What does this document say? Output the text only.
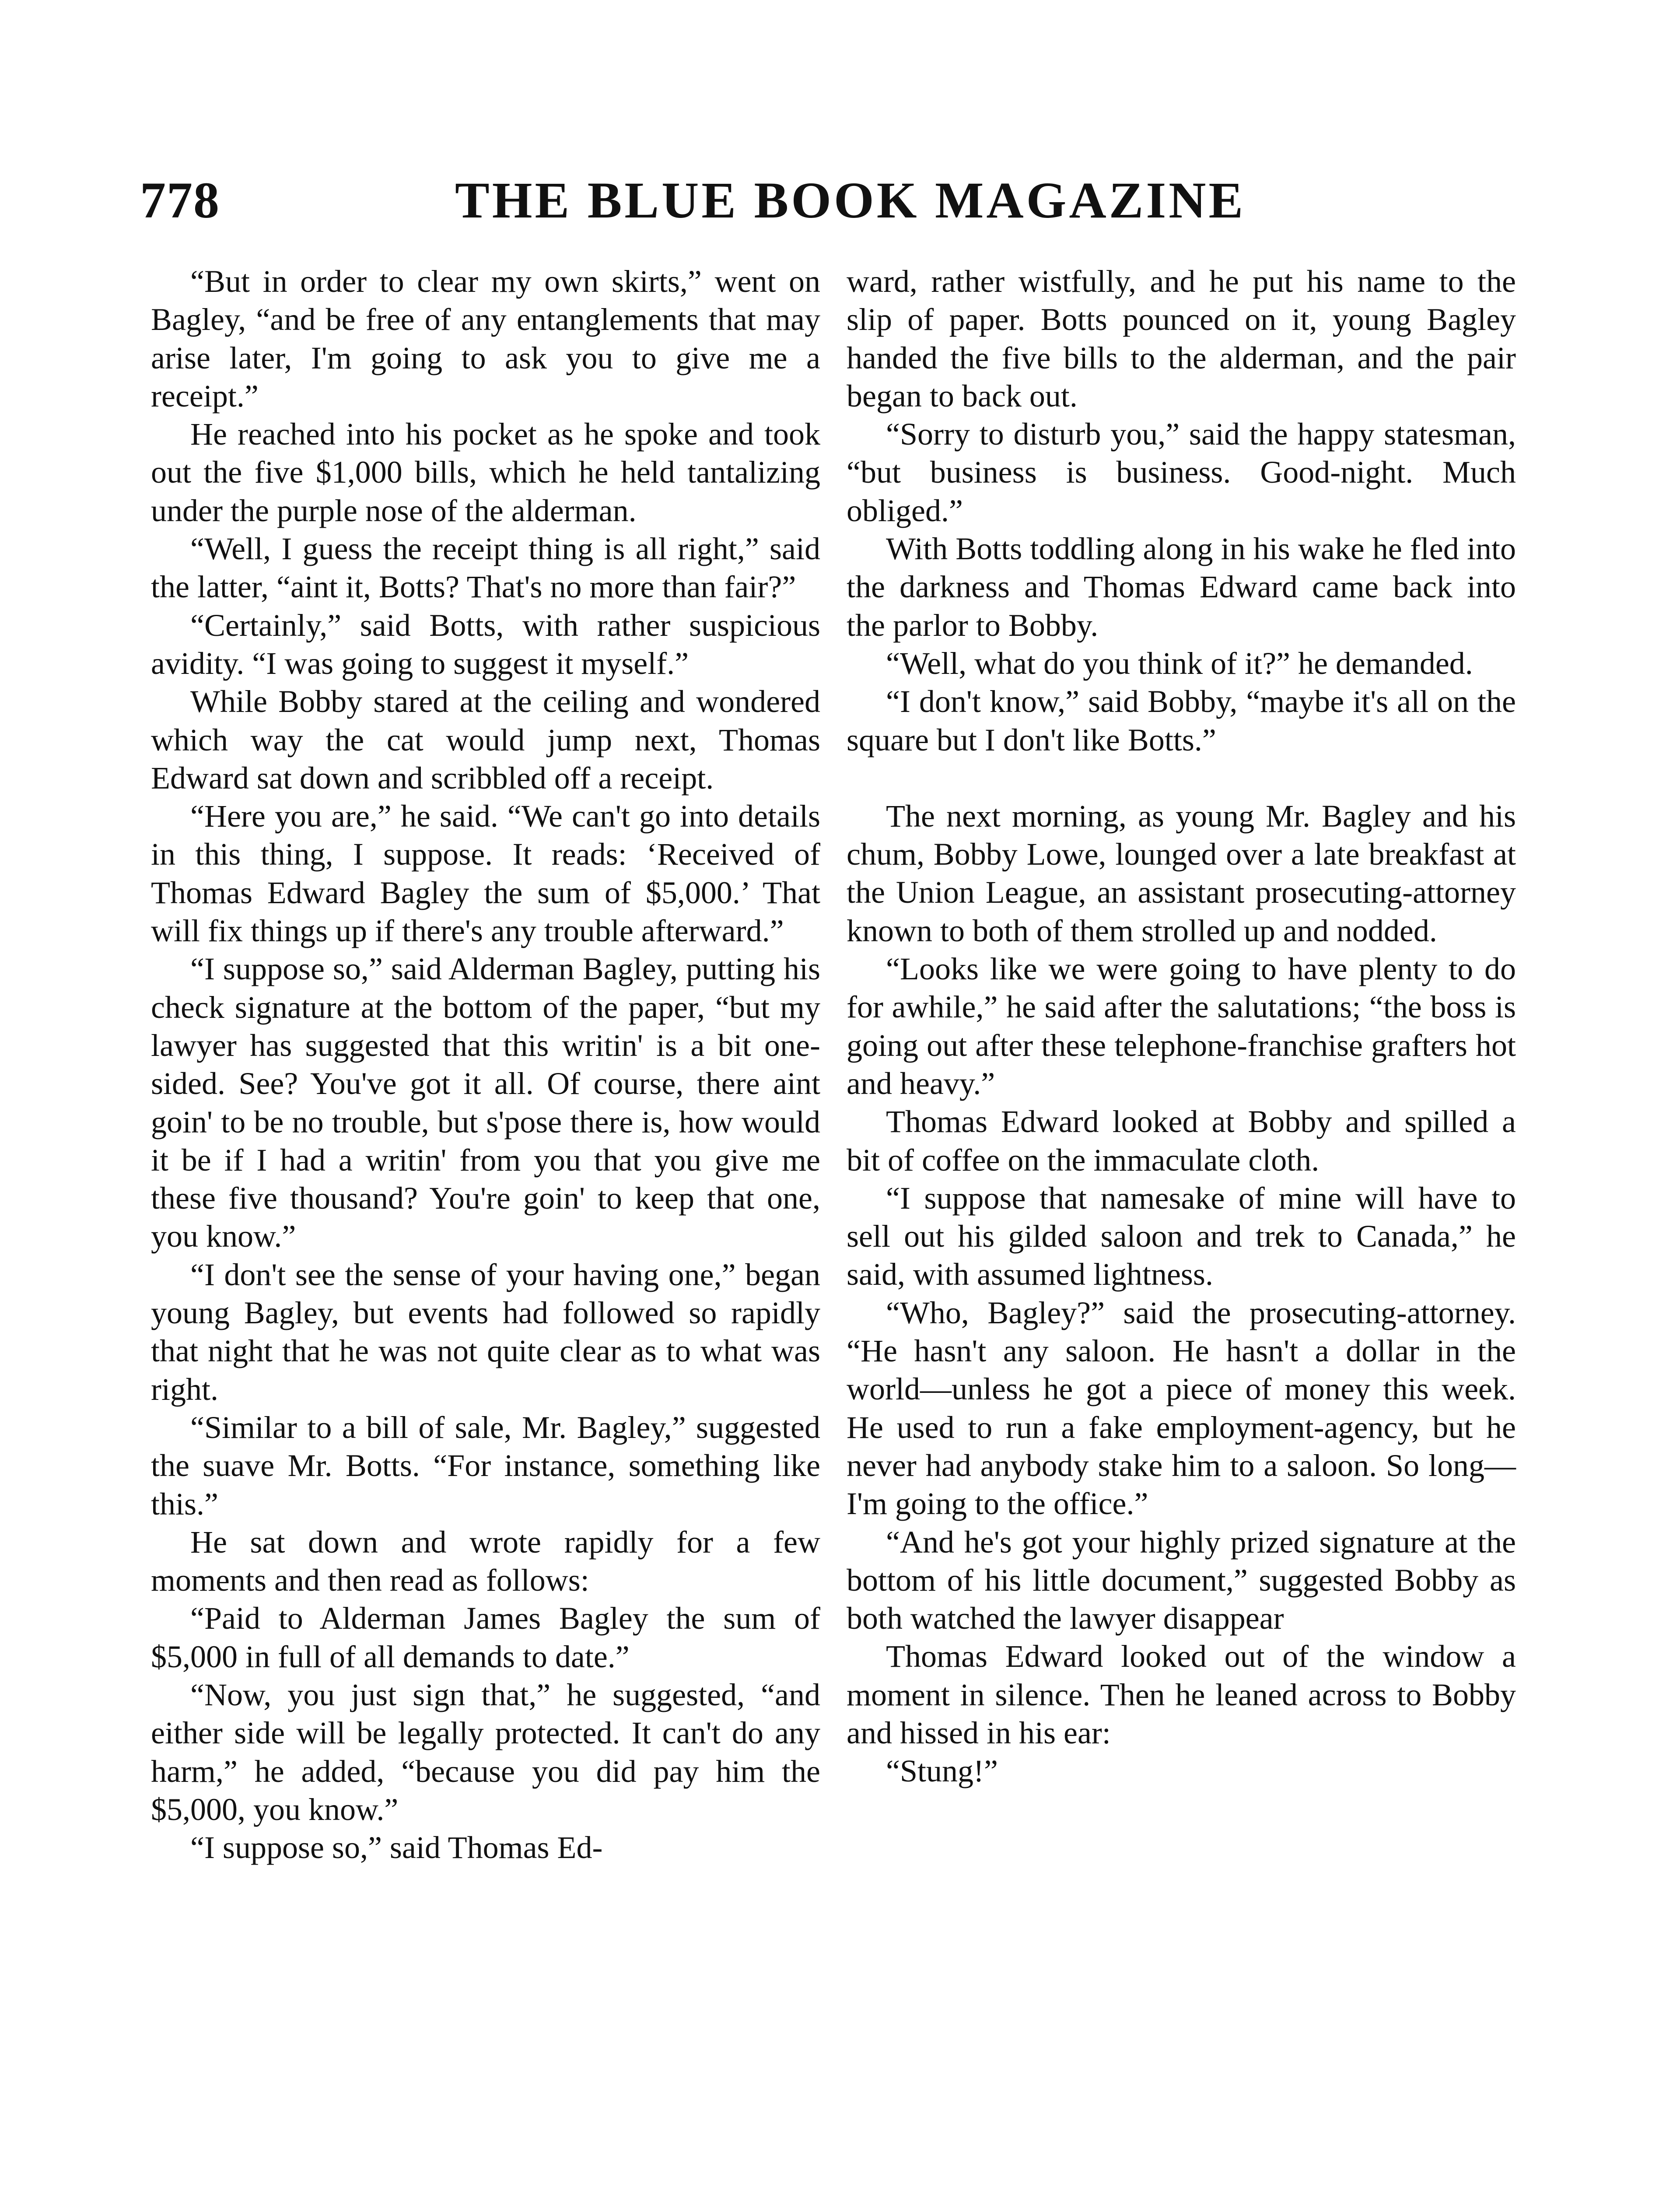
778	THE BLUE BOOK MAGAZINE

“But in order to clear my own skirts,” went on Bagley, “and be free of any entanglements that may arise later, I'm going to ask you to give me a receipt.”

He reached into his pocket as he spoke and took out the five $1,000 bills, which he held tantalizing under the purple nose of the alderman.

“Well, I guess the receipt thing is all right,” said the latter, “aint it, Botts? That's no more than fair?”

“Certainly,” said Botts, with rather suspicious avidity. “I was going to suggest it myself.”

While Bobby stared at the ceiling and wondered which way the cat would jump next, Thomas Edward sat down and scribbled off a receipt.

“Here you are,” he said. “We can't go into details in this thing, I suppose. It reads: ‘Received of Thomas Edward Bagley the sum of $5,000.’ That will fix things up if there's any trouble afterward.”

“I suppose so,” said Alderman Bagley, putting his check signature at the bottom of the paper, “but my lawyer has suggested that this writin' is a bit one-sided. See? You've got it all. Of course, there aint goin' to be no trouble, but s'pose there is, how would it be if I had a writin' from you that you give me these five thousand? You're goin' to keep that one, you know.”

“I don't see the sense of your having one,” began young Bagley, but events had followed so rapidly that night that he was not quite clear as to what was right.

“Similar to a bill of sale, Mr. Bagley,” suggested the suave Mr. Botts. “For instance, something like this.”

He sat down and wrote rapidly for a few moments and then read as follows:

“Paid to Alderman James Bagley the sum of $5,000 in full of all demands to date.”

“Now, you just sign that,” he suggested, “and either side will be legally protected. It can't do any harm,” he added, “because you did pay him the $5,000, you know.”

“I suppose so,” said Thomas Ed-

ward, rather wistfully, and he put his name to the slip of paper. Botts pounced on it, young Bagley handed the five bills to the alderman, and the pair began to back out.

“Sorry to disturb you,” said the happy statesman, “but business is business. Good-night. Much obliged.”

With Botts toddling along in his wake he fled into the darkness and Thomas Edward came back into the parlor to Bobby.

“Well, what do you think of it?” he demanded.

“I don't know,” said Bobby, “maybe it's all on the square but I don't like Botts.”

The next morning, as young Mr. Bagley and his chum, Bobby Lowe, lounged over a late breakfast at the Union League, an assistant prosecuting-attorney known to both of them strolled up and nodded.

“Looks like we were going to have plenty to do for awhile,” he said after the salutations; “the boss is going out after these telephone-franchise grafters hot and heavy.”

Thomas Edward looked at Bobby and spilled a bit of coffee on the immaculate cloth.

“I suppose that namesake of mine will have to sell out his gilded saloon and trek to Canada,” he said, with assumed lightness.

“Who, Bagley?” said the prosecuting-attorney. “He hasn't any saloon. He hasn't a dollar in the world—unless he got a piece of money this week. He used to run a fake employment-agency, but he never had anybody stake him to a saloon. So long—I'm going to the office.”

“And he's got your highly prized signature at the bottom of his little document,” suggested Bobby as both watched the lawyer disappear

Thomas Edward looked out of the window a moment in silence. Then he leaned across to Bobby and hissed in his ear:

“Stung!”
